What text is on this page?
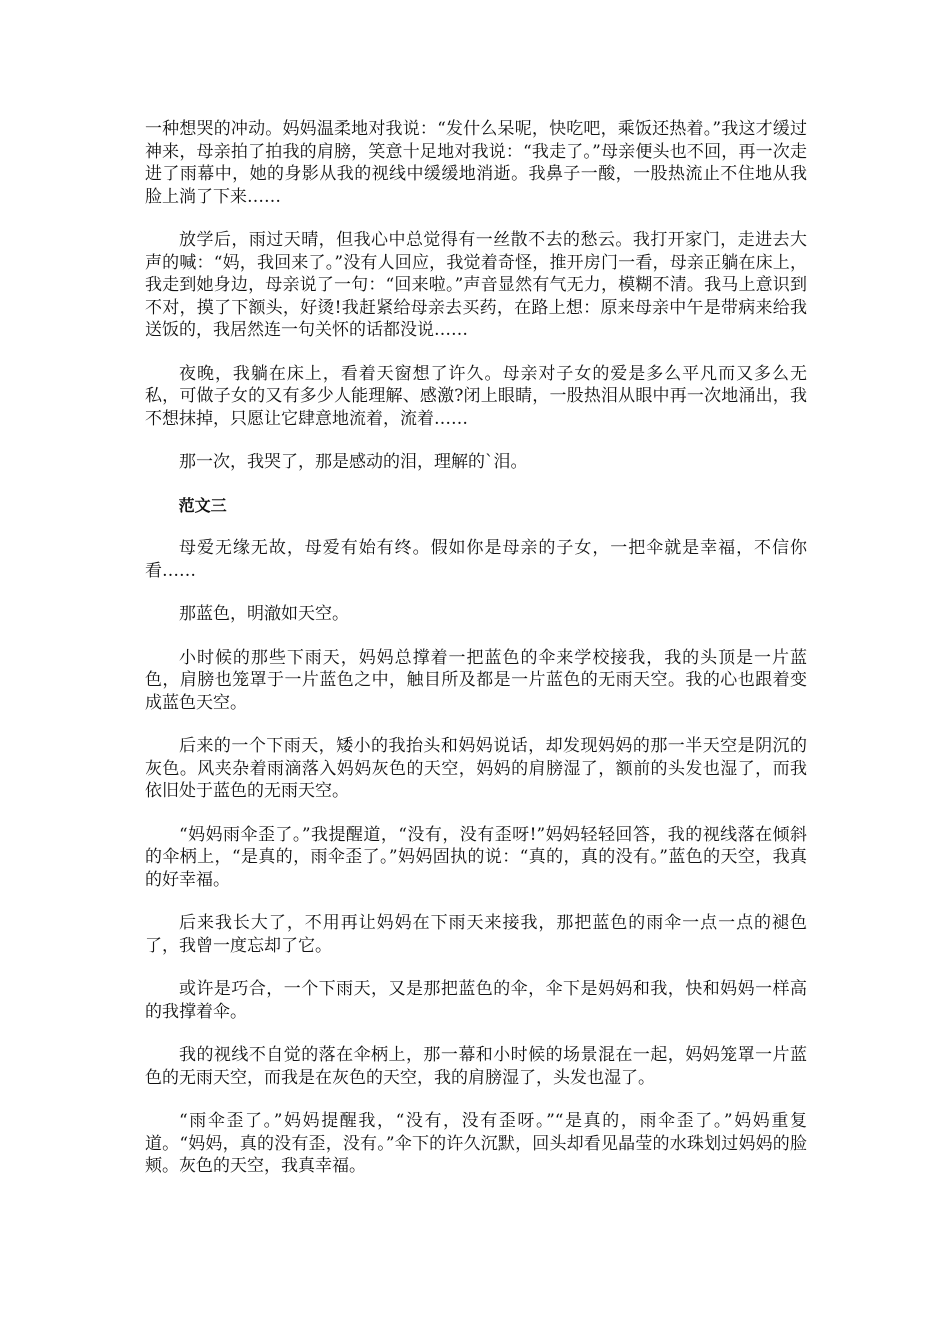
一种想哭的冲动。妈妈温柔地对我说：“发什么呆呢，快吃吧，乘饭还热着。”我这才缓过神来，母亲拍了拍我的肩膀，笑意十足地对我说：“我走了。”母亲便头也不回，再一次走进了雨幕中，她的身影从我的视线中缓缓地消逝。我鼻子一酸，一股热流止不住地从我脸上淌了下来……

放学后，雨过天晴，但我心中总觉得有一丝散不去的愁云。我打开家门，走进去大声的喊：“妈，我回来了。”没有人回应，我觉着奇怪，推开房门一看，母亲正躺在床上，我走到她身边，母亲说了一句：“回来啦。”声音显然有气无力，模糊不清。我马上意识到不对，摸了下额头，好烫!我赶紧给母亲去买药，在路上想：原来母亲中午是带病来给我送饭的，我居然连一句关怀的话都没说……

夜晚，我躺在床上，看着天窗想了许久。母亲对子女的爱是多么平凡而又多么无私，可做子女的又有多少人能理解、感激?闭上眼睛，一股热泪从眼中再一次地涌出，我不想抹掉，只愿让它肆意地流着，流着……

那一次，我哭了，那是感动的泪，理解的`泪。

范文三

母爱无缘无故，母爱有始有终。假如你是母亲的子女，一把伞就是幸福，不信你看……

那蓝色，明澈如天空。

小时候的那些下雨天，妈妈总撑着一把蓝色的伞来学校接我，我的头顶是一片蓝色，肩膀也笼罩于一片蓝色之中，触目所及都是一片蓝色的无雨天空。我的心也跟着变成蓝色天空。

后来的一个下雨天，矮小的我抬头和妈妈说话，却发现妈妈的那一半天空是阴沉的灰色。风夹杂着雨滴落入妈妈灰色的天空，妈妈的肩膀湿了，额前的头发也湿了，而我依旧处于蓝色的无雨天空。

“妈妈雨伞歪了。”我提醒道，“没有，没有歪呀!”妈妈轻轻回答，我的视线落在倾斜的伞柄上，“是真的，雨伞歪了。”妈妈固执的说：“真的，真的没有。”蓝色的天空，我真的好幸福。

后来我长大了，不用再让妈妈在下雨天来接我，那把蓝色的雨伞一点一点的褪色了，我曾一度忘却了它。

或许是巧合，一个下雨天，又是那把蓝色的伞，伞下是妈妈和我，快和妈妈一样高的我撑着伞。

我的视线不自觉的落在伞柄上，那一幕和小时候的场景混在一起，妈妈笼罩一片蓝色的无雨天空，而我是在灰色的天空，我的肩膀湿了，头发也湿了。

“雨伞歪了。”妈妈提醒我，“没有，没有歪呀。”“是真的，雨伞歪了。”妈妈重复道。“妈妈，真的没有歪，没有。”伞下的许久沉默，回头却看见晶莹的水珠划过妈妈的脸颊。灰色的天空，我真幸福。
